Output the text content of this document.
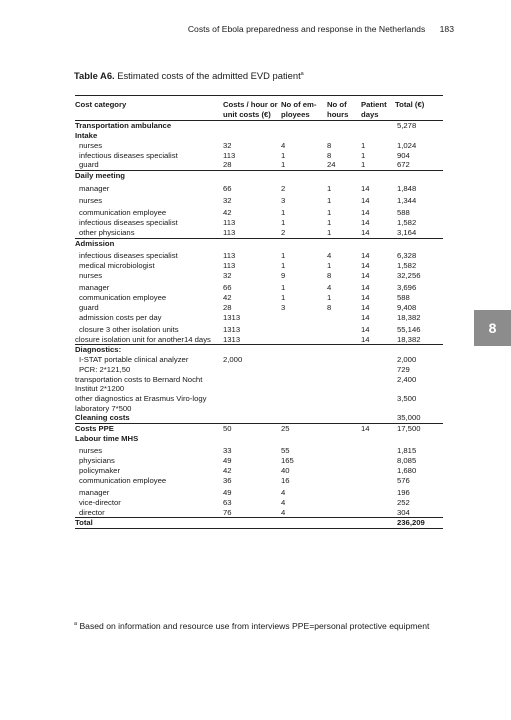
Costs of Ebola preparedness and response in the Netherlands 183
Table A6. Estimated costs of the admitted EVD patient$^a$
Cost category	Costs / hour or unit costs (€)	No of em-ployees	No of hours	Patient days	Total (€)
Transportation ambulance					5,278
Intake					
nurses	32	4	8	1	1,024
infectious diseases specialist	113	1	8	1	904
guard	28	1	24	1	672
Daily meeting					
manager	66	2	1	14	1,848
nurses	32	3	1	14	1,344
communication employee	42	1	1	14	588
infectious diseases specialist	113	1	1	14	1,582
other physicians	113	2	1	14	3,164
Admission					
infectious diseases specialist	113	1	4	14	6,328
medical microbiologist	113	1	1	14	1,582
nurses	32	9	8	14	32,256
manager	66	1	4	14	3,696
communication employee	42	1	1	14	588
guard	28	3	8	14	9,408
admission costs per day	1313			14	18,382
closure 3 other isolation units	1313			14	55,146
closure isolation unit for another14 days	1313			14	18,382
Diagnostics:					
I-STAT portable clinical analyzer	2,000				2,000
PCR: 2*121,50					729
transportation costs to Bernard Nocht Institut 2*1200					2,400
other diagnostics at Erasmus Viro-logy laboratory 7*500					3,500
Cleaning costs					35,000
Costs PPE	50	25		14	17,500
Labour time MHS					
nurses	33	55			1,815
physicians	49	165			8,085
policymaker	42	40			1,680
communication employee	36	16			576
manager	49	4			196
vice-director	63	4			252
director	76	4			304
Total					236,209
8
$^a$ Based on information and resource use from interviews PPE=personal protective equipment
